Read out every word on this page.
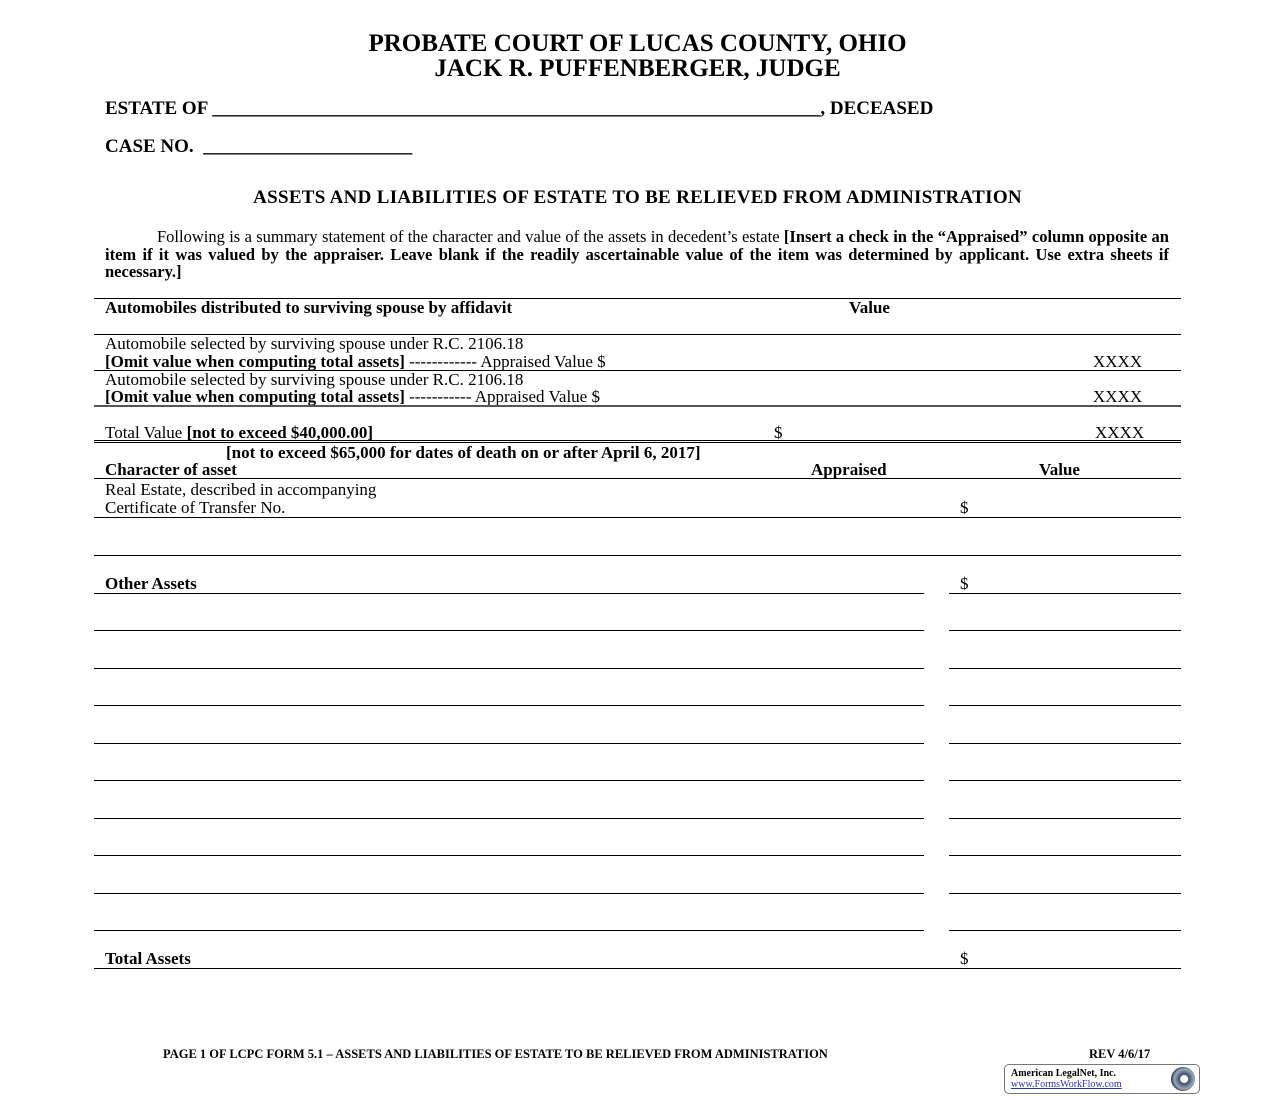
PROBATE COURT OF LUCAS COUNTY, OHIO
JACK R. PUFFENBERGER, JUDGE
ESTATE OF ________________________________________________________________, DECEASED
CASE NO. ______________________
ASSETS AND LIABILITIES OF ESTATE TO BE RELIEVED FROM ADMINISTRATION
Following is a summary statement of the character and value of the assets in decedent’s estate [Insert a check in the “Appraised” column opposite an item if it was valued by the appraiser. Leave blank if the readily ascertainable value of the item was determined by applicant. Use extra sheets if necessary.]
Automobiles distributed to surviving spouse by affidavit	Value
Automobile selected by surviving spouse under R.C. 2106.18
[Omit value when computing total assets] ------------ Appraised Value $	XXXX
Automobile selected by surviving spouse under R.C. 2106.18
[Omit value when computing total assets] ----------- Appraised Value $	XXXX
Total Value [not to exceed $40,000.00]	$	XXXX
[not to exceed $65,000 for dates of death on or after April 6, 2017]
Character of asset	Appraised	Value
Real Estate, described in accompanying
Certificate of Transfer No.	$
Other Assets	$
Total Assets	$
PAGE 1 OF LCPC FORM 5.1 – ASSETS AND LIABILITIES OF ESTATE TO BE RELIEVED FROM ADMINISTRATION	REV 4/6/17
American LegalNet, Inc.
www.FormsWorkFlow.com
